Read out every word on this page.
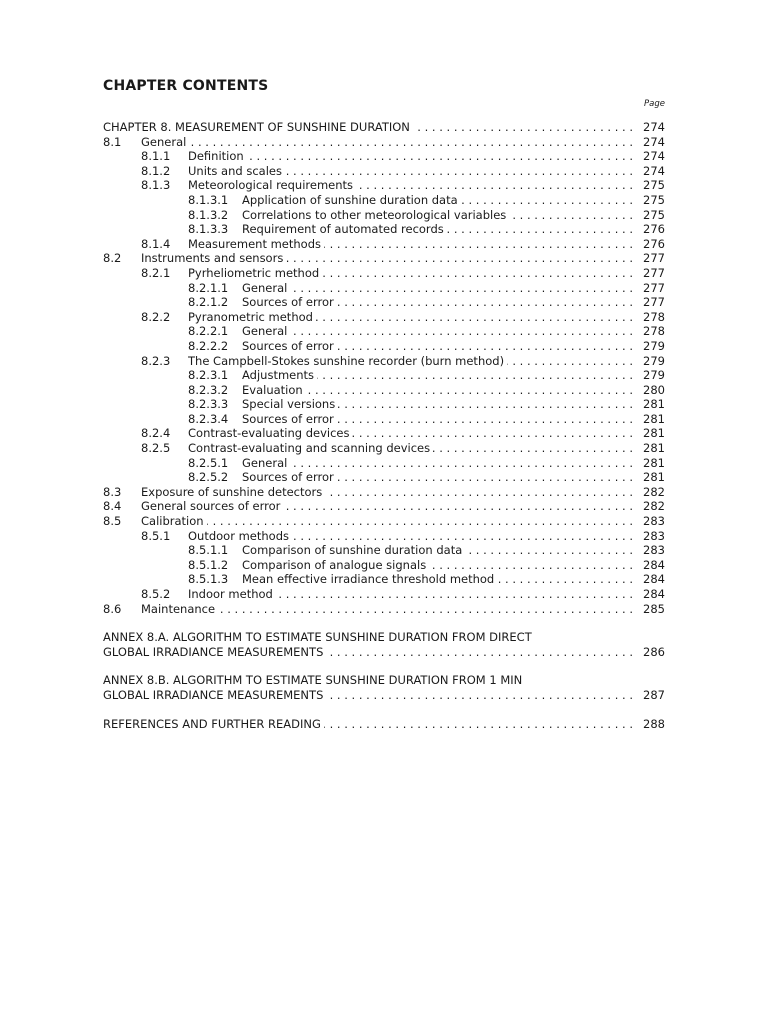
CHAPTER CONTENTS
Page
CHAPTER 8. MEASUREMENT OF SUNSHINE DURATION . . .	274
8.1	General . . .	274
8.1.1	Definition . . .	274
8.1.2	Units and scales . . .	274
8.1.3	Meteorological requirements . . .	275
8.1.3.1	Application of sunshine duration data . . .	275
8.1.3.2	Correlations to other meteorological variables . . .	275
8.1.3.3	Requirement of automated records . . .	276
8.1.4	Measurement methods . . .	276
8.2	Instruments and sensors . . .	277
8.2.1	Pyrheliometric method . . .	277
8.2.1.1	General . . .	277
8.2.1.2	Sources of error . . .	277
8.2.2	Pyranometric method . . .	278
8.2.2.1	General . . .	278
8.2.2.2	Sources of error . . .	279
8.2.3	The Campbell-Stokes sunshine recorder (burn method) . . .	279
8.2.3.1	Adjustments . . .	279
8.2.3.2	Evaluation . . .	280
8.2.3.3	Special versions . . .	281
8.2.3.4	Sources of error . . .	281
8.2.4	Contrast-evaluating devices . . .	281
8.2.5	Contrast-evaluating and scanning devices . . .	281
8.2.5.1	General . . .	281
8.2.5.2	Sources of error . . .	281
8.3	Exposure of sunshine detectors . . .	282
8.4	General sources of error . . .	282
8.5	Calibration . . .	283
8.5.1	Outdoor methods . . .	283
8.5.1.1	Comparison of sunshine duration data . . .	283
8.5.1.2	Comparison of analogue signals . . .	284
8.5.1.3	Mean effective irradiance threshold method . . .	284
8.5.2	Indoor method . . .	284
8.6	Maintenance . . .	285
ANNEX 8.A. ALGORITHM TO ESTIMATE SUNSHINE DURATION FROM DIRECT
GLOBAL IRRADIANCE MEASUREMENTS . . .	286
ANNEX 8.B. ALGORITHM TO ESTIMATE SUNSHINE DURATION FROM 1 MIN
GLOBAL IRRADIANCE MEASUREMENTS . . .	287
REFERENCES AND FURTHER READING . . .	288
